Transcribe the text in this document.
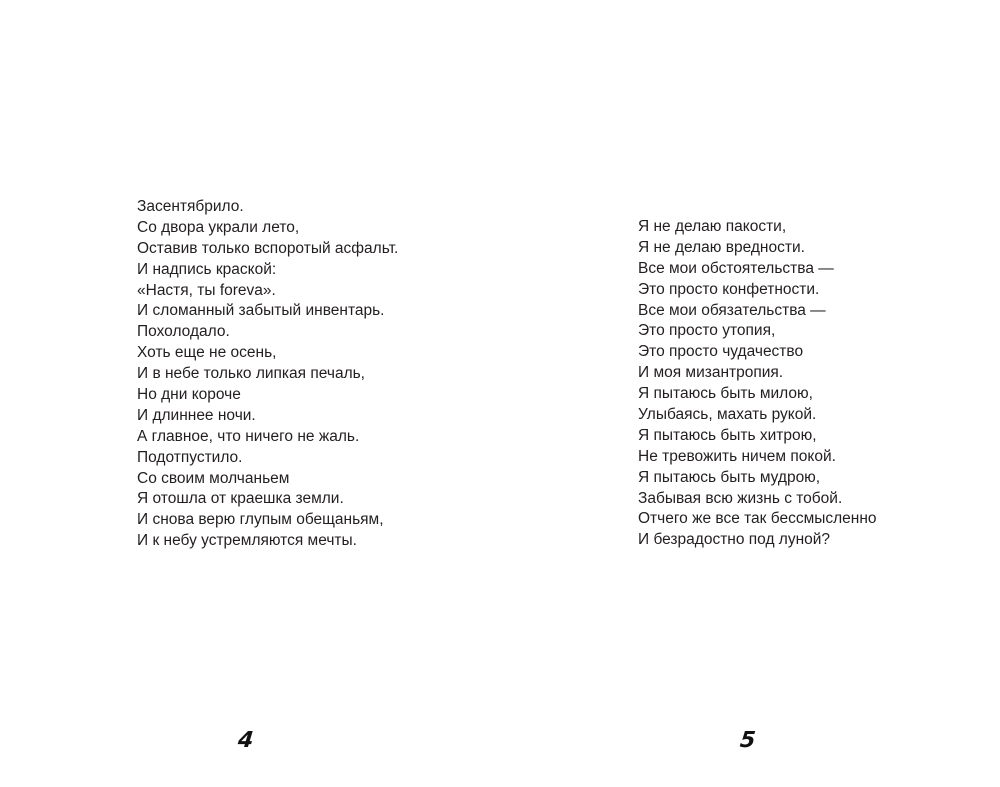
Засентябрило.
Со двора украли лето,
Оставив только вспоротый асфальт.
И надпись краской:
«Настя, ты foreva».
И сломанный забытый инвентарь.
Похолодало.
Хоть еще не осень,
И в небе только липкая печаль,
Но дни короче
И длиннее ночи.
А главное, что ничего не жаль.
Подотпустило.
Со своим молчаньем
Я отошла от краешка земли.
И снова верю глупым обещаньям,
И к небу устремляются мечты.
4
Я не делаю пакости,
Я не делаю вредности.
Все мои обстоятельства —
Это просто конфетности.
Все мои обязательства —
Это просто утопия,
Это просто чудачество
И моя мизантропия.
Я пытаюсь быть милою,
Улыбаясь, махать рукой.
Я пытаюсь быть хитрою,
Не тревожить ничем покой.
Я пытаюсь быть мудрою,
Забывая всю жизнь с тобой.
Отчего же все так бессмысленно
И безрадостно под луной?
5
